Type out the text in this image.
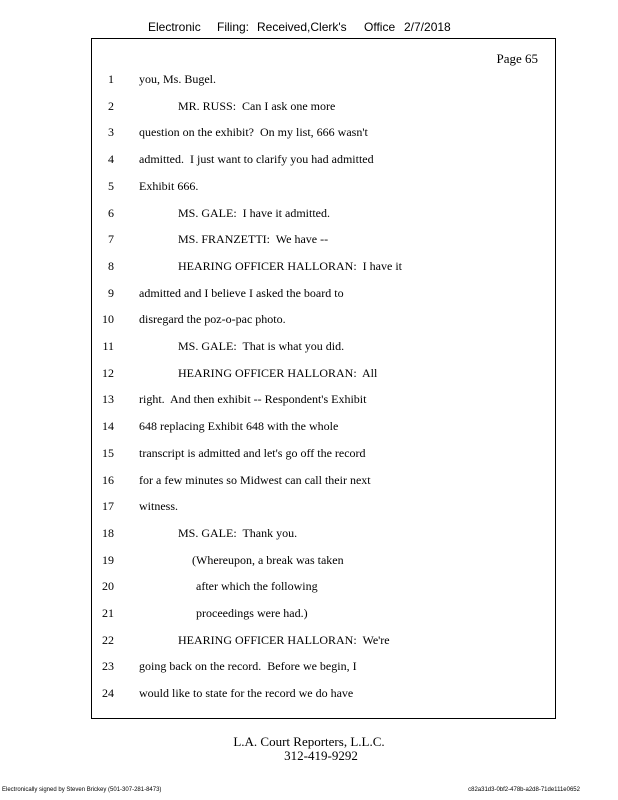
Electronic Filing: Received,Clerk's Office 2/7/2018
Page 65
1 you, Ms. Bugel.
2	MR. RUSS:  Can I ask one more
3 question on the exhibit?  On my list, 666 wasn't
4 admitted.  I just want to clarify you had admitted
5 Exhibit 666.
6	MS. GALE:  I have it admitted.
7	MS. FRANZETTI:  We have --
8	HEARING OFFICER HALLORAN:  I have it
9 admitted and I believe I asked the board to
10 disregard the poz-o-pac photo.
11	MS. GALE:  That is what you did.
12	HEARING OFFICER HALLORAN:  All
13 right.  And then exhibit -- Respondent's Exhibit
14 648 replacing Exhibit 648 with the whole
15 transcript is admitted and let's go off the record
16 for a few minutes so Midwest can call their next
17 witness.
18	MS. GALE:  Thank you.
19	(Whereupon, a break was taken
20	after which the following
21	proceedings were had.)
22	HEARING OFFICER HALLORAN:  We're
23 going back on the record.  Before we begin, I
24 would like to state for the record we do have
L.A. Court Reporters, L.L.C.
312-419-9292
Electronically signed by Steven Brickey (501-307-281-8473)	c82a31d3-0bf2-478b-a2d8-71de111e0652
